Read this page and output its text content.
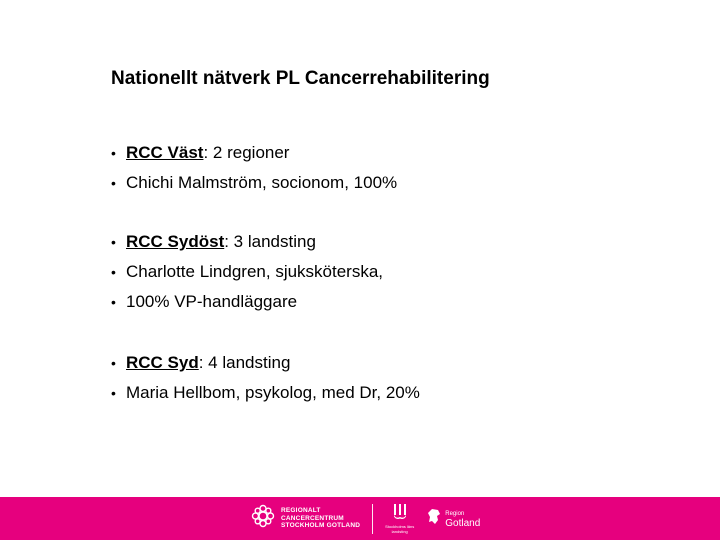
Nationellt nätverk PL Cancerrehabilitering
• RCC Väst : 2 regioner
• Chichi Malmström, socionom, 100%
• RCC Sydöst : 3 landsting
• Charlotte Lindgren, sjuksköterska,
• 100% VP-handläggare
• RCC Syd : 4 landsting
• Maria Hellbom, psykolog, med Dr, 20%
REGIONALT
CANCERCENTRUM
STOCKHOLM GOTLAND	Stockholms läns
landsting
Region
Gotland
